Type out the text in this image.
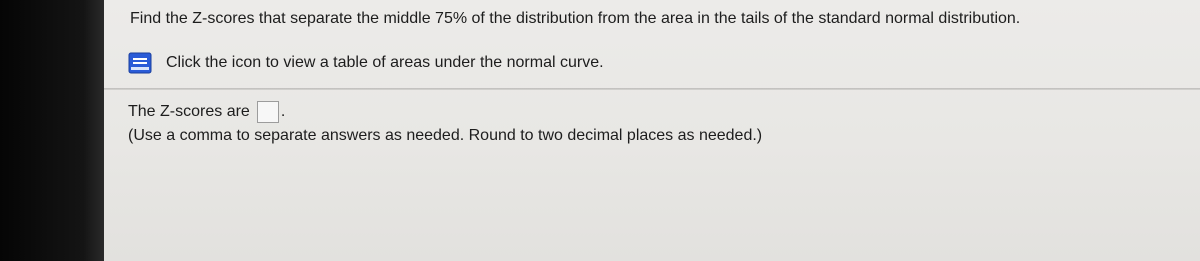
Find the Z-scores that separate the middle 75% of the distribution from the area in the tails of the standard normal distribution.
Click the icon to view a table of areas under the normal curve.
The Z-scores are .
(Use a comma to separate answers as needed. Round to two decimal places as needed.)
